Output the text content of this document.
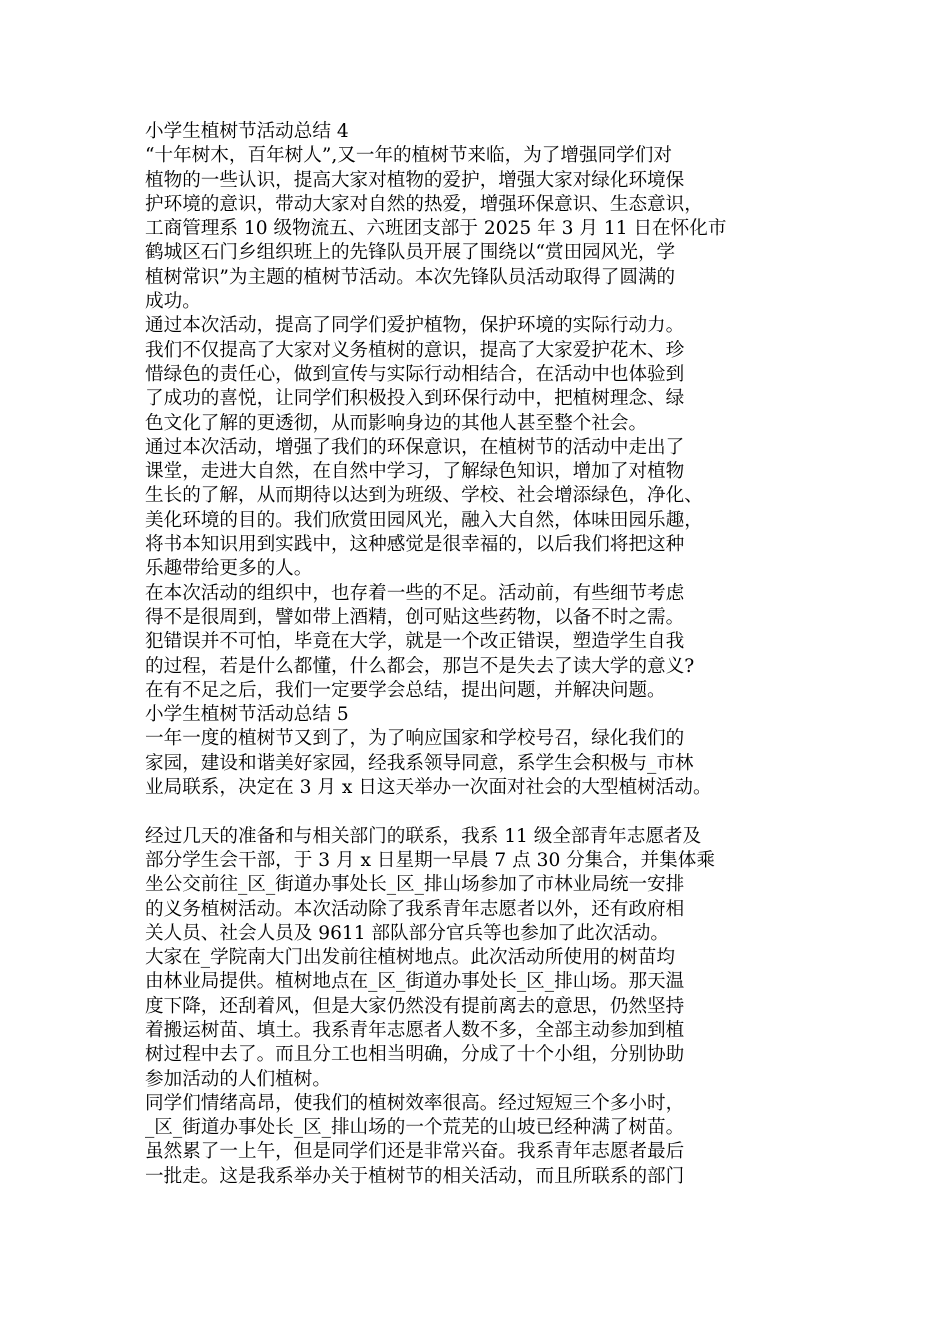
小学生植树节活动总结 4
“十年树木，百年树人”,又一年的植树节来临，为了增强同学们对
植物的一些认识，提高大家对植物的爱护，增强大家对绿化环境保
护环境的意识，带动大家对自然的热爱，增强环保意识、生态意识，
工商管理系 10 级物流五、六班团支部于 2025 年 3 月 11 日在怀化市
鹤城区石门乡组织班上的先锋队员开展了围绕以“赏田园风光，学
植树常识”为主题的植树节活动。本次先锋队员活动取得了圆满的
成功。
通过本次活动，提高了同学们爱护植物，保护环境的实际行动力。
我们不仅提高了大家对义务植树的意识，提高了大家爱护花木、珍
惜绿色的责任心，做到宣传与实际行动相结合，在活动中也体验到
了成功的喜悦，让同学们积极投入到环保行动中，把植树理念、绿
色文化了解的更透彻，从而影响身边的其他人甚至整个社会。
通过本次活动，增强了我们的环保意识，在植树节的活动中走出了
课堂，走进大自然，在自然中学习，了解绿色知识，增加了对植物
生长的了解，从而期待以达到为班级、学校、社会增添绿色，净化、
美化环境的目的。我们欣赏田园风光，融入大自然，体味田园乐趣，
将书本知识用到实践中，这种感觉是很幸福的，以后我们将把这种
乐趣带给更多的人。
在本次活动的组织中，也存着一些的不足。活动前，有些细节考虑
得不是很周到，譬如带上酒精，创可贴这些药物，以备不时之需。
犯错误并不可怕，毕竟在大学，就是一个改正错误，塑造学生自我
的过程，若是什么都懂，什么都会，那岂不是失去了读大学的意义?
在有不足之后，我们一定要学会总结，提出问题，并解决问题。
小学生植树节活动总结 5
一年一度的植树节又到了，为了响应国家和学校号召，绿化我们的
家园，建设和谐美好家园，经我系领导同意，系学生会积极与_市林
业局联系，决定在 3 月 x 日这天举办一次面对社会的大型植树活动。
经过几天的准备和与相关部门的联系，我系 11 级全部青年志愿者及
部分学生会干部，于 3 月 x 日星期一早晨 7 点 30 分集合，并集体乘
坐公交前往_区_街道办事处长_区_排山场参加了市林业局统一安排
的义务植树活动。本次活动除了我系青年志愿者以外，还有政府相
关人员、社会人员及 9611 部队部分官兵等也参加了此次活动。
大家在_学院南大门出发前往植树地点。此次活动所使用的树苗均
由林业局提供。植树地点在_区_街道办事处长_区_排山场。那天温
度下降，还刮着风，但是大家仍然没有提前离去的意思，仍然坚持
着搬运树苗、填土。我系青年志愿者人数不多，全部主动参加到植
树过程中去了。而且分工也相当明确，分成了十个小组，分别协助
参加活动的人们植树。
同学们情绪高昂，使我们的植树效率很高。经过短短三个多小时，
_区_街道办事处长_区_排山场的一个荒芜的山坡已经种满了树苗。
虽然累了一上午，但是同学们还是非常兴奋。我系青年志愿者最后
一批走。这是我系举办关于植树节的相关活动，而且所联系的部门
